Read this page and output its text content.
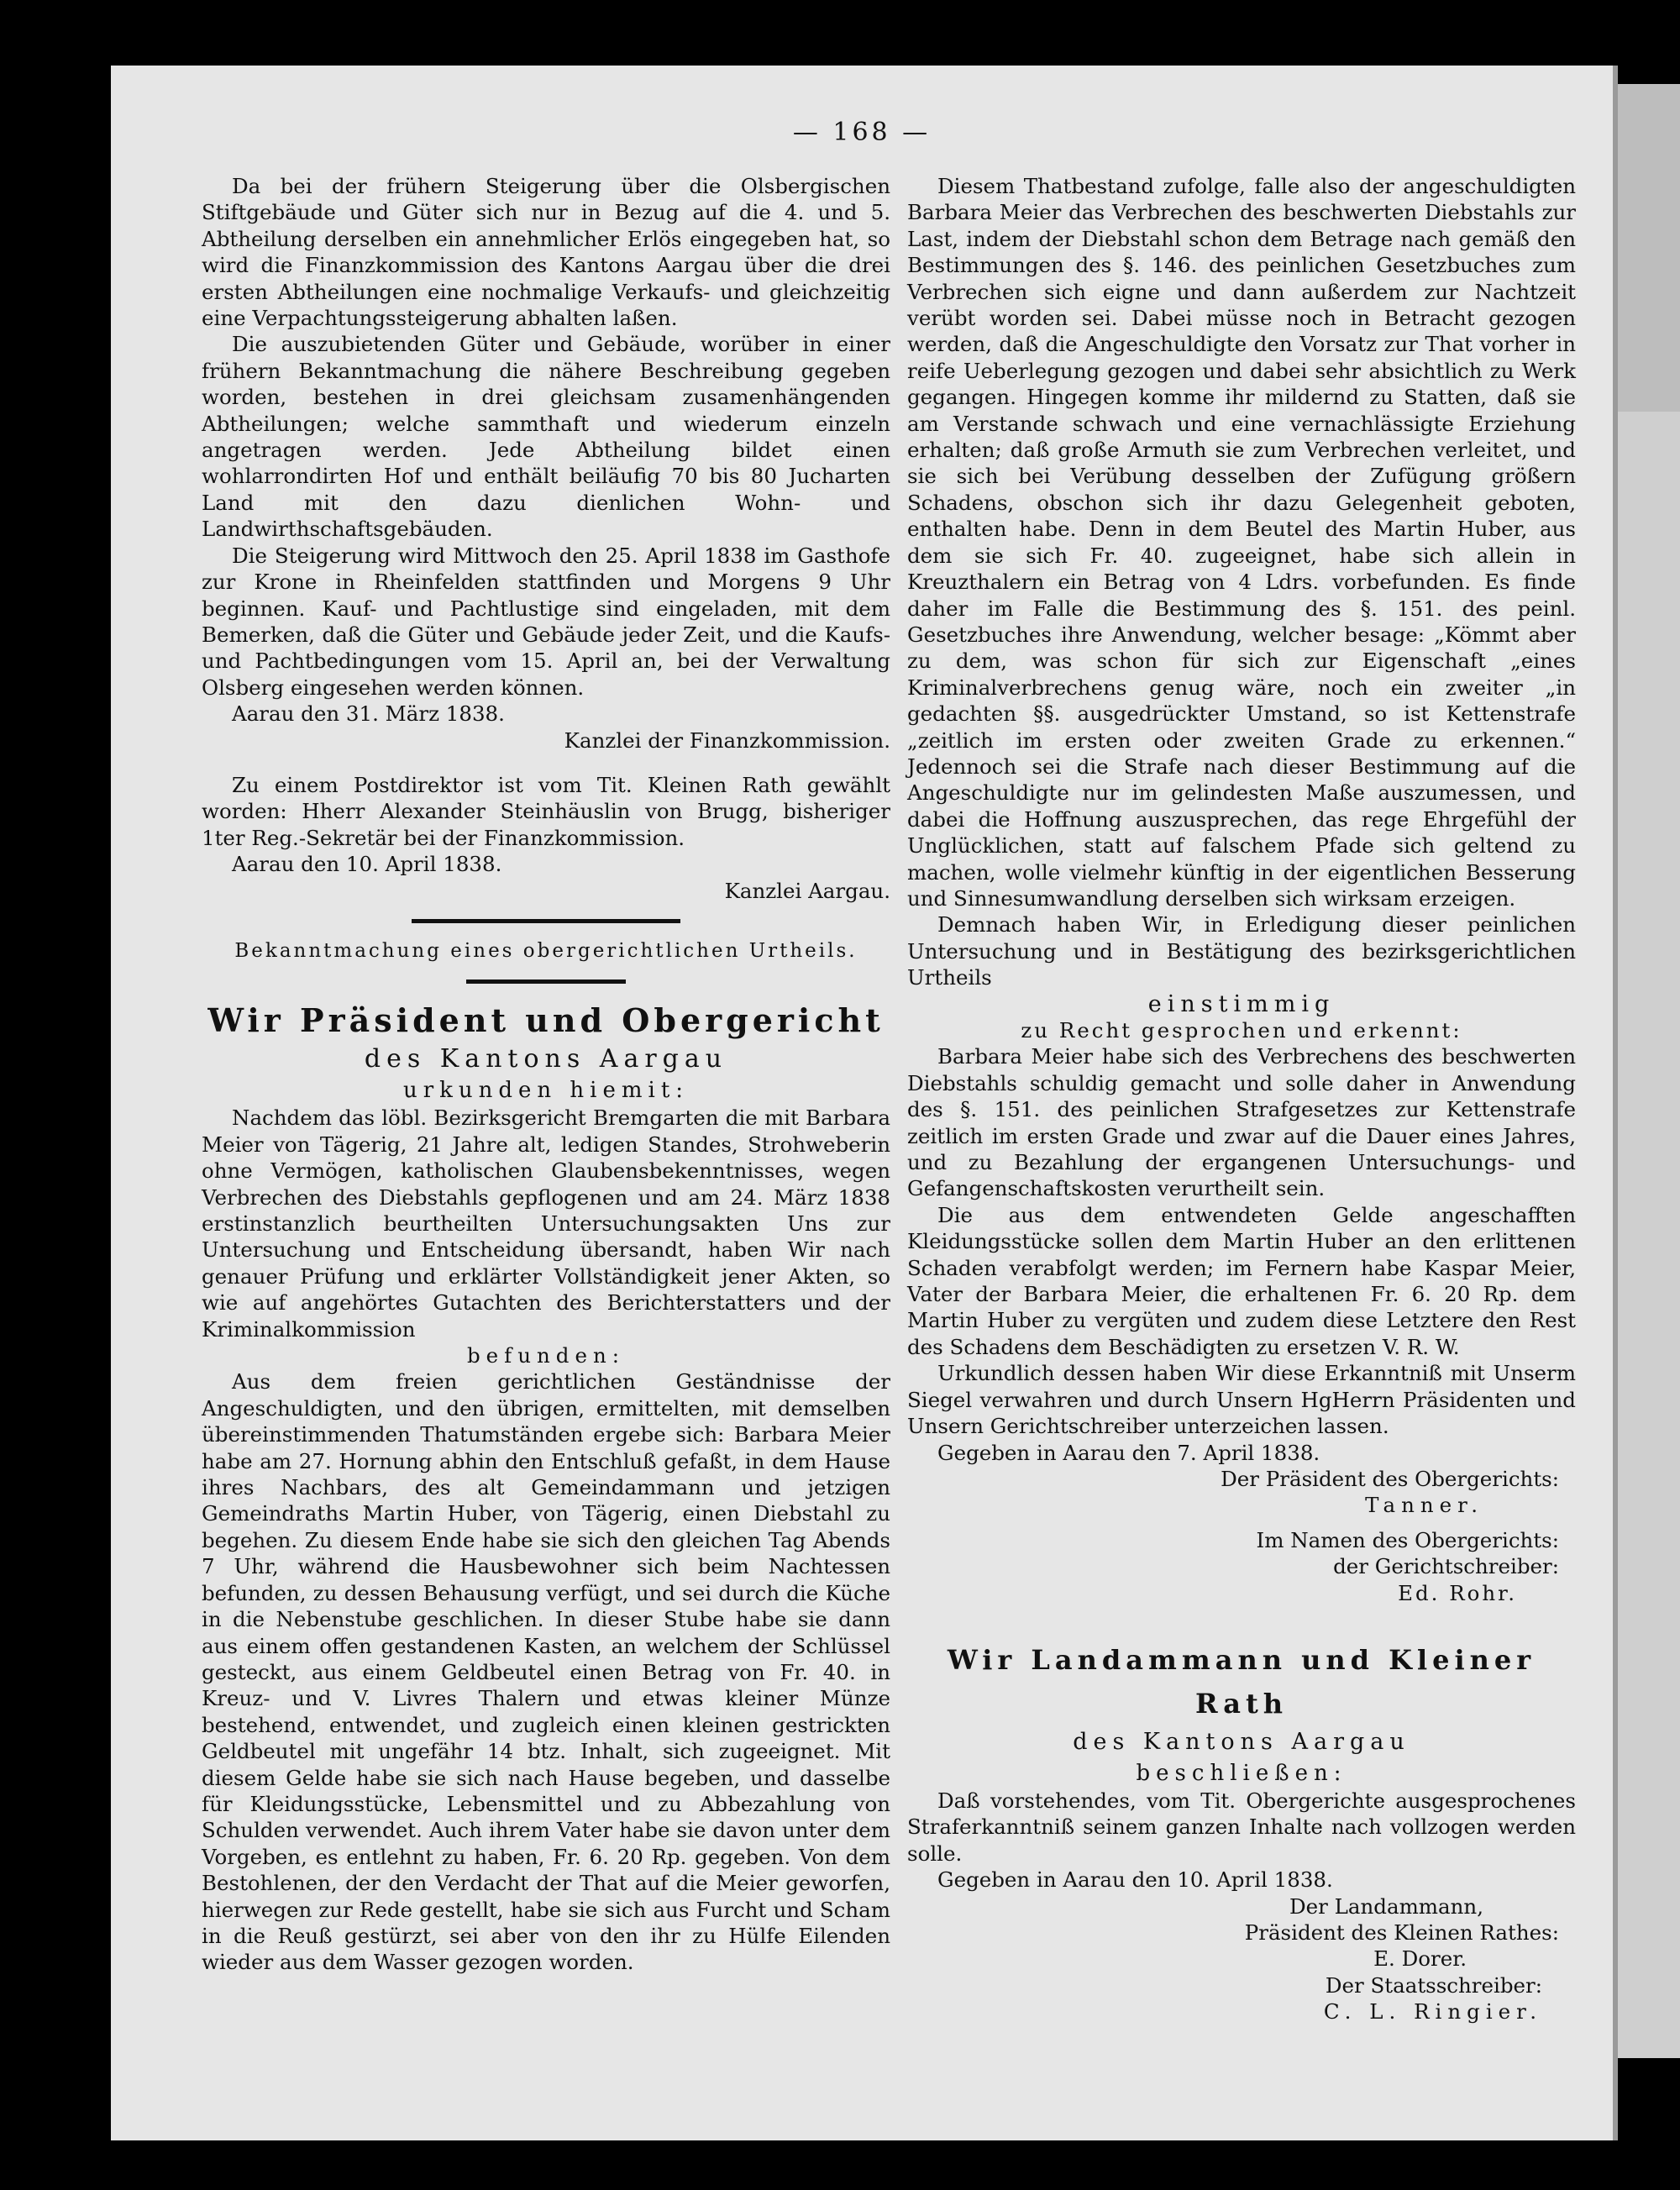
— 168 —

Da bei der frühern Steigerung über die Olsbergischen Stiftgebäude und Güter sich nur in Bezug auf die 4. und 5. Abtheilung derselben ein annehmlicher Erlös eingegeben hat, so wird die Finanzkommission des Kantons Aargau über die drei ersten Abtheilungen eine nochmalige Verkaufs- und gleichzeitig eine Verpachtungssteigerung abhalten laßen.

Die auszubietenden Güter und Gebäude, worüber in einer frühern Bekanntmachung die nähere Beschreibung gegeben worden, bestehen in drei gleichsam zusamenhängenden Abtheilungen; welche sammthaft und wiederum einzeln angetragen werden. Jede Abtheilung bildet einen wohlarrondirten Hof und enthält beiläufig 70 bis 80 Jucharten Land mit den dazu dienlichen Wohn- und Landwirthschaftsgebäuden.

Die Steigerung wird Mittwoch den 25. April 1838 im Gasthofe zur Krone in Rheinfelden stattfinden und Morgens 9 Uhr beginnen. Kauf- und Pachtlustige sind eingeladen, mit dem Bemerken, daß die Güter und Gebäude jeder Zeit, und die Kaufs- und Pachtbedingungen vom 15. April an, bei der Verwaltung Olsberg eingesehen werden können.

Aarau den 31. März 1838.

Kanzlei der Finanzkommission.

Zu einem Postdirektor ist vom Tit. Kleinen Rath gewählt worden: Hherr Alexander Steinhäuslin von Brugg, bisheriger 1ter Reg.-Sekretär bei der Finanzkommission.

Aarau den 10. April 1838.

Kanzlei Aargau.

Bekanntmachung eines obergerichtlichen Urtheils.

Wir Präsident und Obergericht

des Kantons Aargau

urkunden hiemit:

Nachdem das löbl. Bezirksgericht Bremgarten die mit Barbara Meier von Tägerig, 21 Jahre alt, ledigen Standes, Strohweberin ohne Vermögen, katholischen Glaubensbekenntnisses, wegen Verbrechen des Diebstahls gepflogenen und am 24. März 1838 erstinstanzlich beurtheilten Untersuchungsakten Uns zur Untersuchung und Entscheidung übersandt, haben Wir nach genauer Prüfung und erklärter Vollständigkeit jener Akten, so wie auf angehörtes Gutachten des Berichterstatters und der Kriminalkommission

befunden:

Aus dem freien gerichtlichen Geständnisse der Angeschuldigten, und den übrigen, ermittelten, mit demselben übereinstimmenden Thatumständen ergebe sich: Barbara Meier habe am 27. Hornung abhin den Entschluß gefaßt, in dem Hause ihres Nachbars, des alt Gemeindammann und jetzigen Gemeindraths Martin Huber, von Tägerig, einen Diebstahl zu begehen. Zu diesem Ende habe sie sich den gleichen Tag Abends 7 Uhr, während die Hausbewohner sich beim Nachtessen befunden, zu dessen Behausung verfügt, und sei durch die Küche in die Nebenstube geschlichen. In dieser Stube habe sie dann aus einem offen gestandenen Kasten, an welchem der Schlüssel gesteckt, aus einem Geldbeutel einen Betrag von Fr. 40. in Kreuz- und V. Livres Thalern und etwas kleiner Münze bestehend, entwendet, und zugleich einen kleinen gestrickten Geldbeutel mit ungefähr 14 btz. Inhalt, sich zugeeignet. Mit diesem Gelde habe sie sich nach Hause begeben, und dasselbe für Kleidungsstücke, Lebensmittel und zu Abbezahlung von Schulden verwendet. Auch ihrem Vater habe sie davon unter dem Vorgeben, es entlehnt zu haben, Fr. 6. 20 Rp. gegeben. Von dem Bestohlenen, der den Verdacht der That auf die Meier geworfen, hierwegen zur Rede gestellt, habe sie sich aus Furcht und Scham in die Reuß gestürzt, sei aber von den ihr zu Hülfe Eilenden wieder aus dem Wasser gezogen worden.

Diesem Thatbestand zufolge, falle also der angeschuldigten Barbara Meier das Verbrechen des beschwerten Diebstahls zur Last, indem der Diebstahl schon dem Betrage nach gemäß den Bestimmungen des §. 146. des peinlichen Gesetzbuches zum Verbrechen sich eigne und dann außerdem zur Nachtzeit verübt worden sei. Dabei müsse noch in Betracht gezogen werden, daß die Angeschuldigte den Vorsatz zur That vorher in reife Ueberlegung gezogen und dabei sehr absichtlich zu Werk gegangen. Hingegen komme ihr mildernd zu Statten, daß sie am Verstande schwach und eine vernachlässigte Erziehung erhalten; daß große Armuth sie zum Verbrechen verleitet, und sie sich bei Verübung desselben der Zufügung größern Schadens, obschon sich ihr dazu Gelegenheit geboten, enthalten habe. Denn in dem Beutel des Martin Huber, aus dem sie sich Fr. 40. zugeeignet, habe sich allein in Kreuzthalern ein Betrag von 4 Ldrs. vorbefunden. Es finde daher im Falle die Bestimmung des §. 151. des peinl. Gesetzbuches ihre Anwendung, welcher besage: „Kömmt aber zu dem, was schon für sich zur Eigenschaft „eines Kriminalverbrechens genug wäre, noch ein zweiter „in gedachten §§. ausgedrückter Umstand, so ist Kettenstrafe „zeitlich im ersten oder zweiten Grade zu erkennen.“ Jedennoch sei die Strafe nach dieser Bestimmung auf die Angeschuldigte nur im gelindesten Maße auszumessen, und dabei die Hoffnung auszusprechen, das rege Ehrgefühl der Unglücklichen, statt auf falschem Pfade sich geltend zu machen, wolle vielmehr künftig in der eigentlichen Besserung und Sinnesumwandlung derselben sich wirksam erzeigen.

Demnach haben Wir, in Erledigung dieser peinlichen Untersuchung und in Bestätigung des bezirksgerichtlichen Urtheils

einstimmig

zu Recht gesprochen und erkennt:

Barbara Meier habe sich des Verbrechens des beschwerten Diebstahls schuldig gemacht und solle daher in Anwendung des §. 151. des peinlichen Strafgesetzes zur Kettenstrafe zeitlich im ersten Grade und zwar auf die Dauer eines Jahres, und zu Bezahlung der ergangenen Untersuchungs- und Gefangenschaftskosten verurtheilt sein.

Die aus dem entwendeten Gelde angeschafften Kleidungsstücke sollen dem Martin Huber an den erlittenen Schaden verabfolgt werden; im Fernern habe Kaspar Meier, Vater der Barbara Meier, die erhaltenen Fr. 6. 20 Rp. dem Martin Huber zu vergüten und zudem diese Letztere den Rest des Schadens dem Beschädigten zu ersetzen V. R. W.

Urkundlich dessen haben Wir diese Erkanntniß mit Unserm Siegel verwahren und durch Unsern HgHerrn Präsidenten und Unsern Gerichtschreiber unterzeichen lassen.

Gegeben in Aarau den 7. April 1838.

Der Präsident des Obergerichts:

Tanner.

Im Namen des Obergerichts:

der Gerichtschreiber:

Ed. Rohr.

Wir Landammann und Kleiner Rath

des Kantons Aargau

beschließen:

Daß vorstehendes, vom Tit. Obergerichte ausgesprochenes Straferkanntniß seinem ganzen Inhalte nach vollzogen werden solle.

Gegeben in Aarau den 10. April 1838.

Der Landammann,

Präsident des Kleinen Rathes:

E. Dorer.

Der Staatsschreiber:

C. L. Ringier.
